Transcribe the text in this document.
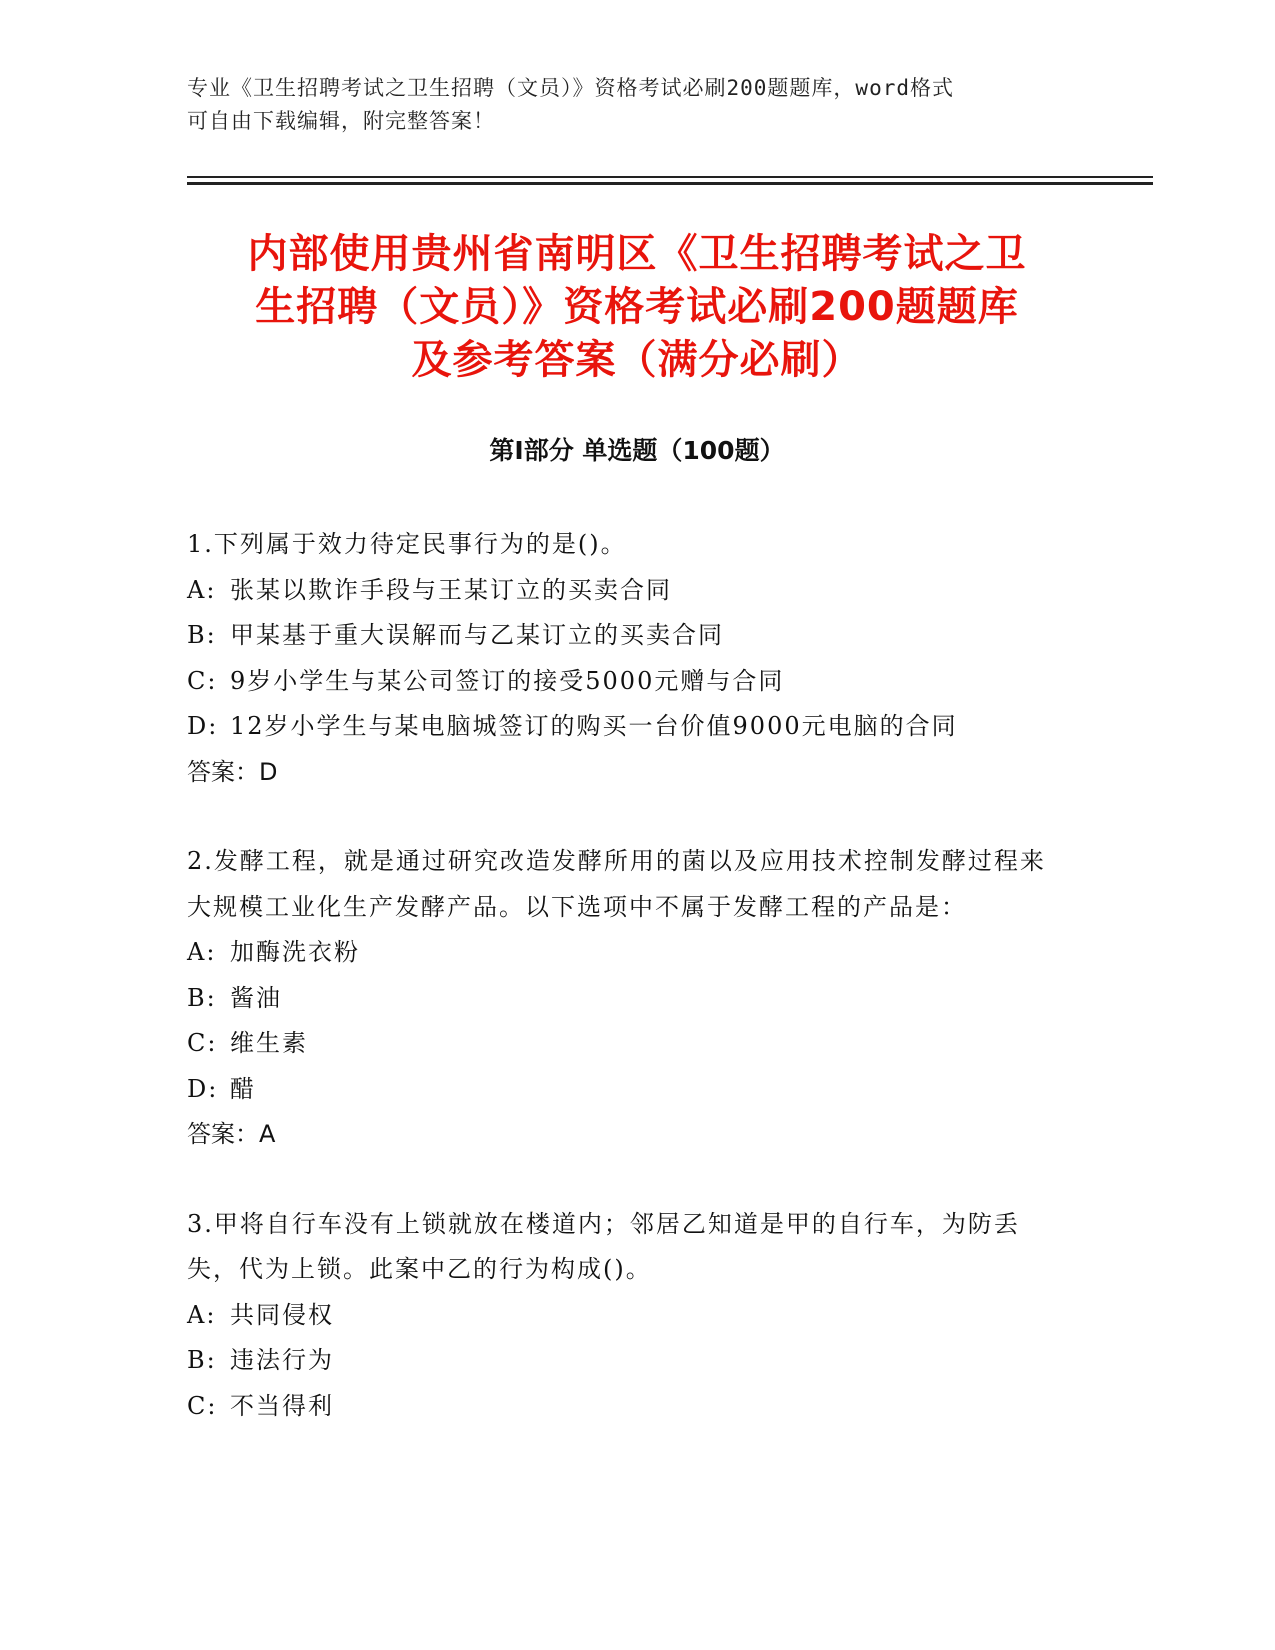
专业《卫生招聘考试之卫生招聘（文员）》资格考试必刷200题题库，word格式
可自由下载编辑，附完整答案！
内部使用贵州省南明区《卫生招聘考试之卫
生招聘（文员）》资格考试必刷200题题库
及参考答案（满分必刷）
第Ⅰ部分 单选题（100题）

1.下列属于效力待定民事行为的是()。

A: 张某以欺诈手段与王某订立的买卖合同
B: 甲某基于重大误解而与乙某订立的买卖合同
C: 9岁小学生与某公司签订的接受5000元赠与合同
D: 12岁小学生与某电脑城签订的购买一台价值9000元电脑的合同

答案：D

2.发酵工程，就是通过研究改造发酵所用的菌以及应用技术控制发酵过程来大规模工业化生产发酵产品。以下选项中不属于发酵工程的产品是：

A: 加酶洗衣粉
B: 酱油
C: 维生素
D: 醋

答案：A

3.甲将自行车没有上锁就放在楼道内；邻居乙知道是甲的自行车，为防丢失，代为上锁。此案中乙的行为构成()。

A: 共同侵权
B: 违法行为
C: 不当得利
